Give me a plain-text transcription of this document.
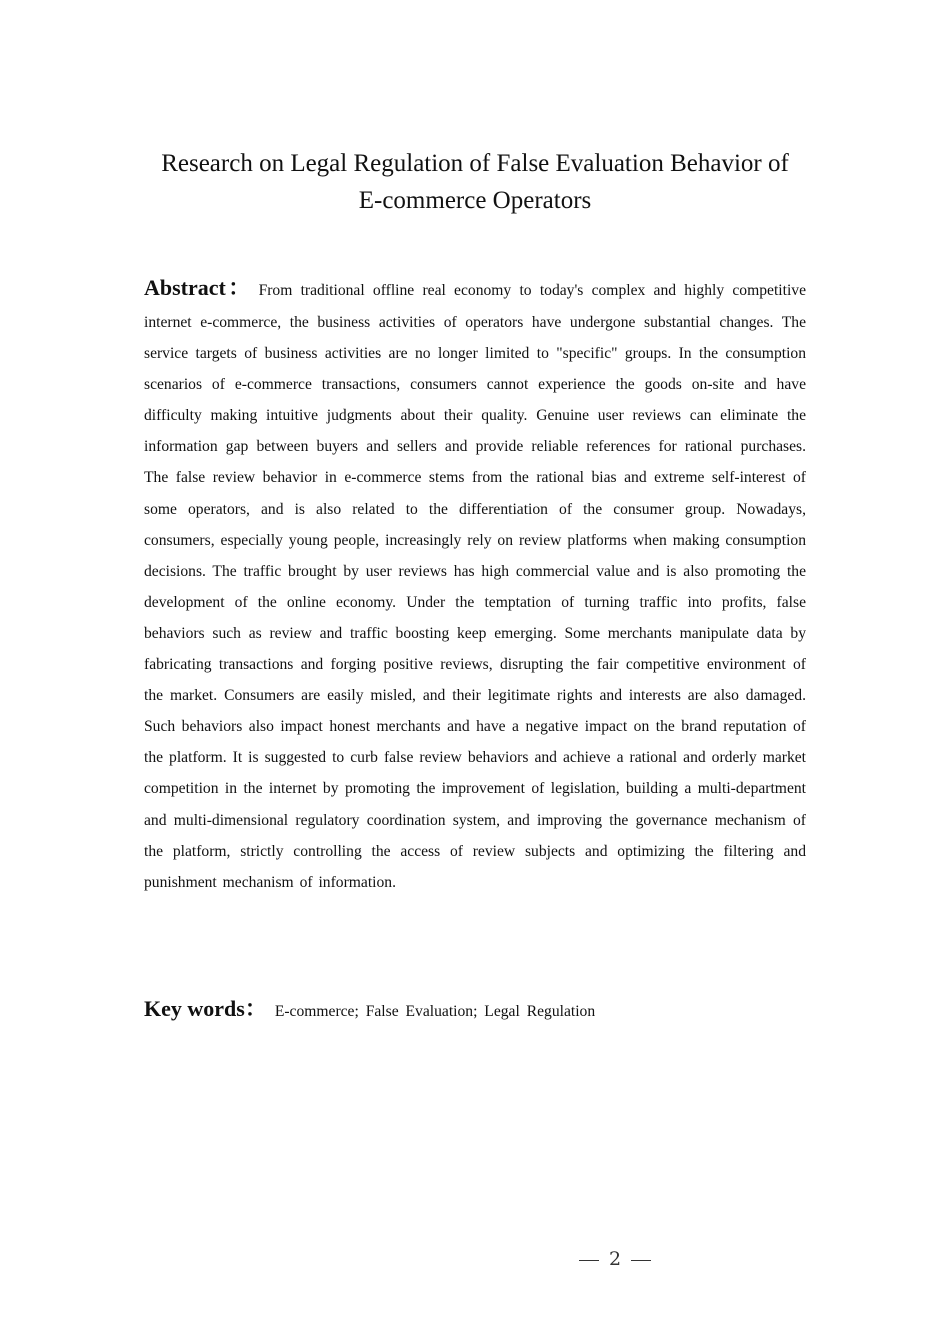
Research on Legal Regulation of False Evaluation Behavior of
E-commerce Operators

Abstract： From traditional offline real economy to today's complex and highly competitive internet e-commerce, the business activities of operators have undergone substantial changes. The service targets of business activities are no longer limited to "specific" groups. In the consumption scenarios of e-commerce transactions, consumers cannot experience the goods on-site and have difficulty making intuitive judgments about their quality. Genuine user reviews can eliminate the information gap between buyers and sellers and provide reliable references for rational purchases. The false review behavior in e-commerce stems from the rational bias and extreme self-interest of some operators, and is also related to the differentiation of the consumer group. Nowadays, consumers, especially young people, increasingly rely on review platforms when making consumption decisions. The traffic brought by user reviews has high commercial value and is also promoting the development of the online economy. Under the temptation of turning traffic into profits, false behaviors such as review and traffic boosting keep emerging. Some merchants manipulate data by fabricating transactions and forging positive reviews, disrupting the fair competitive environment of the market. Consumers are easily misled, and their legitimate rights and interests are also damaged. Such behaviors also impact honest merchants and have a negative impact on the brand reputation of the platform. It is suggested to curb false review behaviors and achieve a rational and orderly market competition in the internet by promoting the improvement of legislation, building a multi-department and multi-dimensional regulatory coordination system, and improving the governance mechanism of the platform, strictly controlling the access of review subjects and optimizing the filtering and punishment mechanism of information.

Key words： E-commerce; False Evaluation; Legal Regulation

2
